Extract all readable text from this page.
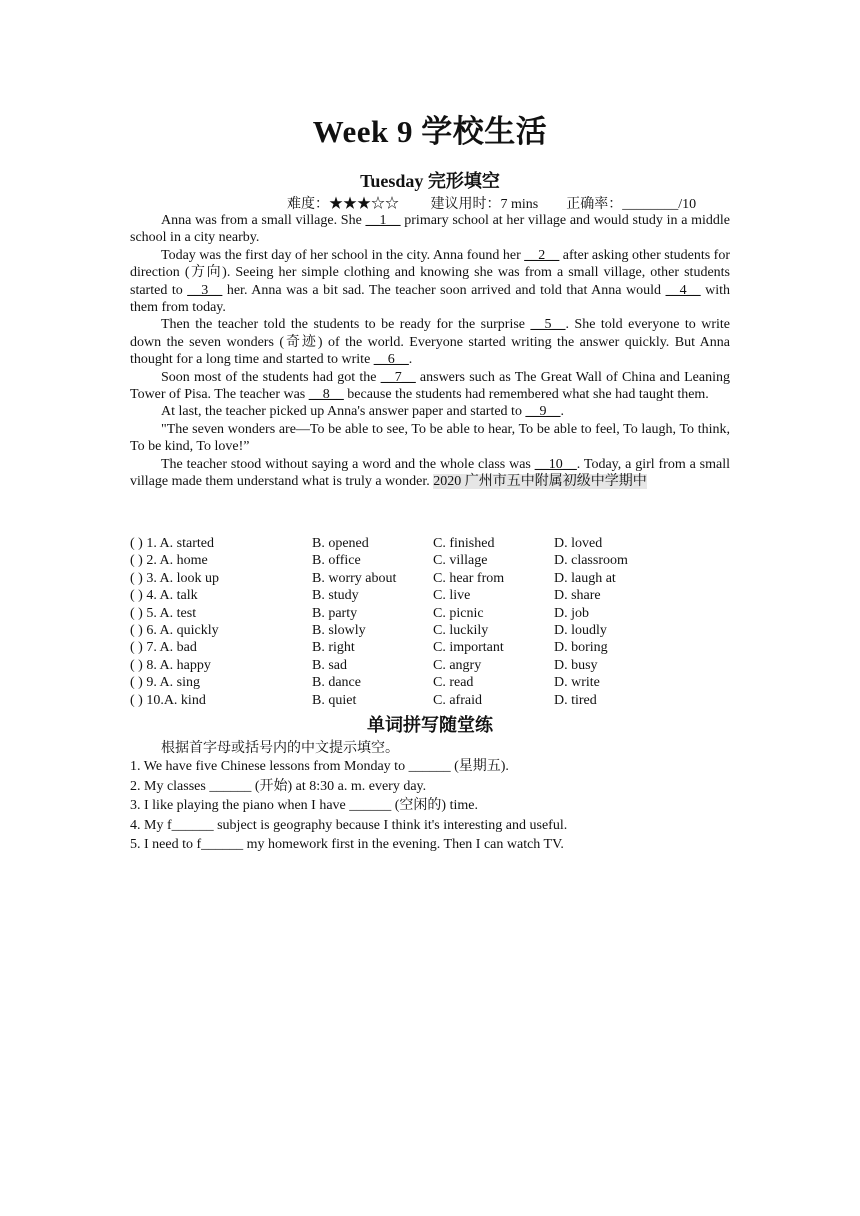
Week 9 学校生活
Tuesday 完形填空
难度：★★★☆☆ 建议用时：7 mins 正确率：________/10

Anna was from a small village. She __1__ primary school at her village and would study in a middle school in a city nearby.

Today was the first day of her school in the city. Anna found her __2__ after asking other students for direction (方向). Seeing her simple clothing and knowing she was from a small village, other students started to __3__ her. Anna was a bit sad. The teacher soon arrived and told that Anna would __4__ with them from today.

Then the teacher told the students to be ready for the surprise __5__. She told everyone to write down the seven wonders (奇迹) of the world. Everyone started writing the answer quickly. But Anna thought for a long time and started to write __6__.

Soon most of the students had got the __7__ answers such as The Great Wall of China and Leaning Tower of Pisa. The teacher was __8__ because the students had remembered what she had taught them.

At last, the teacher picked up Anna's answer paper and started to __9__.

"The seven wonders are—To be able to see, To be able to hear, To be able to feel, To laugh, To think, To be kind, To love!”

The teacher stood without saying a word and the whole class was __10__. Today, a girl from a small village made them understand what is truly a wonder. 2020 广州市五中附属初级中学期中

( ) 1. A. started	B. opened	C. finished	D. loved
( ) 2. A. home	B. office	C. village	D. classroom
( ) 3. A. look up	B. worry about	C. hear from	D. laugh at
( ) 4. A. talk	B. study	C. live	D. share
( ) 5. A. test	B. party	C. picnic	D. job
( ) 6. A. quickly	B. slowly	C. luckily	D. loudly
( ) 7. A. bad	B. right	C. important	D. boring
( ) 8. A. happy	B. sad	C. angry	D. busy
( ) 9. A. sing	B. dance	C. read	D. write
( ) 10.A. kind	B. quiet	C. afraid	D. tired
单词拼写随堂练
根据首字母或括号内的中文提示填空。
1. We have five Chinese lessons from Monday to ______ (星期五).
2. My classes ______ (开始) at 8:30 a. m. every day.
3. I like playing the piano when I have ______ (空闲的) time.
4. My f______ subject is geography because I think it's interesting and useful.
5. I need to f______ my homework first in the evening. Then I can watch TV.
